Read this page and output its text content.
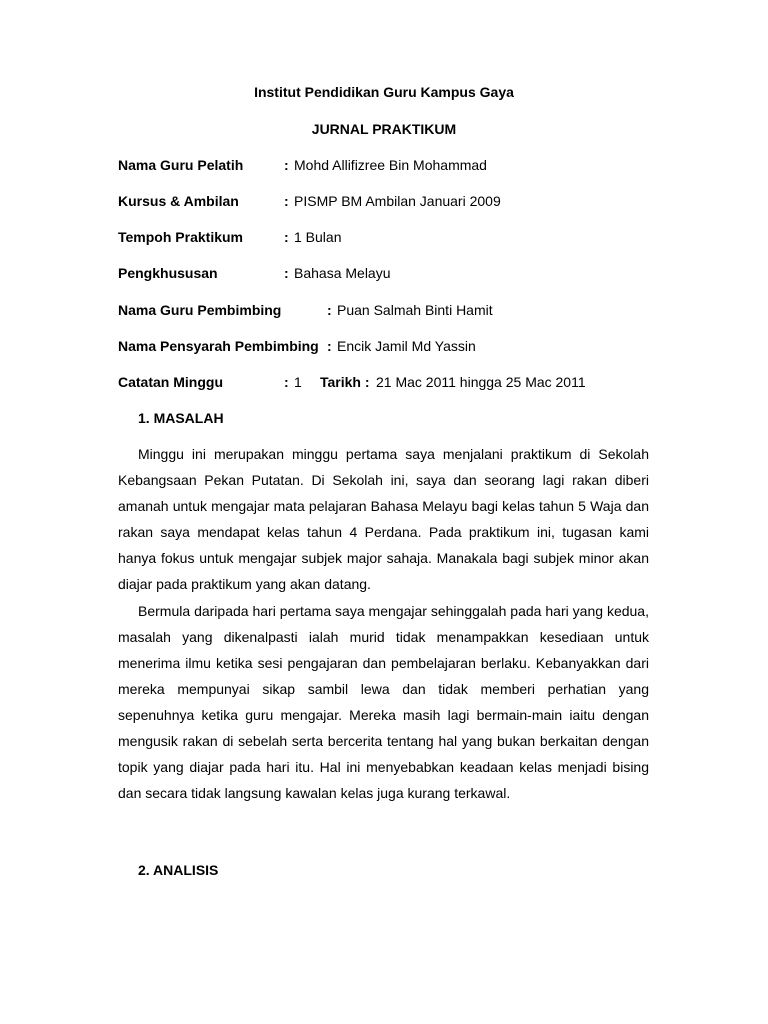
Institut Pendidikan Guru Kampus Gaya
JURNAL PRAKTIKUM
Nama Guru Pelatih	: Mohd Allifizree Bin Mohammad
Kursus & Ambilan	: PISMP BM Ambilan Januari 2009
Tempoh Praktikum	: 1 Bulan
Pengkhususan	: Bahasa Melayu
Nama Guru Pembimbing	: Puan Salmah Binti Hamit
Nama Pensyarah Pembimbing : Encik Jamil Md Yassin
Catatan Minggu	: 1 Tarikh : 21 Mac 2011 hingga 25 Mac 2011
1. MASALAH

Minggu ini merupakan minggu pertama saya menjalani praktikum di Sekolah Kebangsaan Pekan Putatan. Di Sekolah ini, saya dan seorang lagi rakan diberi amanah untuk mengajar mata pelajaran Bahasa Melayu bagi kelas tahun 5 Waja dan rakan saya mendapat kelas tahun 4 Perdana. Pada praktikum ini, tugasan kami hanya fokus untuk mengajar subjek major sahaja. Manakala bagi subjek minor akan diajar pada praktikum yang akan datang.

Bermula daripada hari pertama saya mengajar sehinggalah pada hari yang kedua, masalah yang dikenalpasti ialah murid tidak menampakkan kesediaan untuk menerima ilmu ketika sesi pengajaran dan pembelajaran berlaku. Kebanyakkan dari mereka mempunyai sikap sambil lewa dan tidak memberi perhatian yang sepenuhnya ketika guru mengajar. Mereka masih lagi bermain-main iaitu dengan mengusik rakan di sebelah serta bercerita tentang hal yang bukan berkaitan dengan topik yang diajar pada hari itu. Hal ini menyebabkan keadaan kelas menjadi bising dan secara tidak langsung kawalan kelas juga kurang terkawal.

2. ANALISIS
